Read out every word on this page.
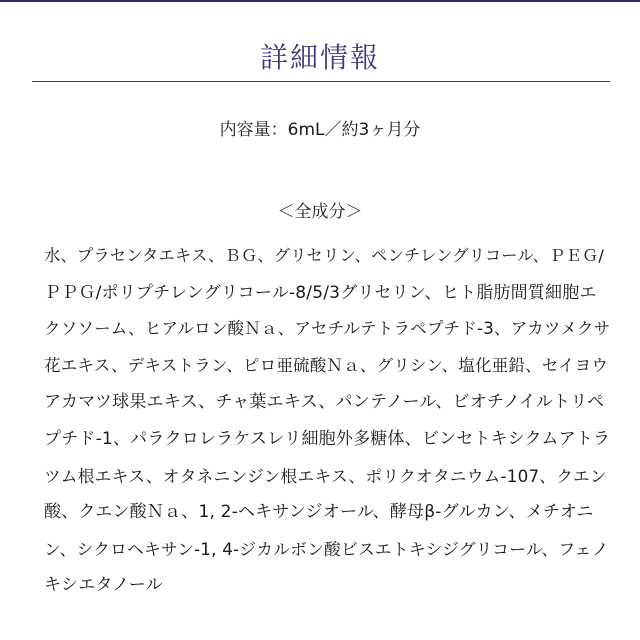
詳細情報
内容量：6mL／約3ヶ月分
＜全成分＞
水、プラセンタエキス、ＢＧ、グリセリン、ペンチレングリコール、ＰＥＧ/
ＰＰＧ/ポリプチレングリコール-8/5/3グリセリン、ヒト脂肪間質細胞エ
クソソーム、ヒアルロン酸Ｎａ、アセチルテトラペプチド-3、アカツメクサ
花エキス、デキストラン、ピロ亜硫酸Ｎａ、グリシン、塩化亜鉛、セイヨウ
アカマツ球果エキス、チャ葉エキス、パンテノール、ビオチノイルトリペ
プチド-1、パラクロレラケスレリ細胞外多糖体、ビンセトキシクムアトラ
ツム根エキス、オタネニンジン根エキス、ポリクオタニウム-107、クエン
酸、クエン酸Ｎａ、1, 2-ヘキサンジオール、酵母β-グルカン、メチオニ
ン、シクロヘキサン-1, 4-ジカルボン酸ビスエトキシジグリコール、フェノ
キシエタノール
